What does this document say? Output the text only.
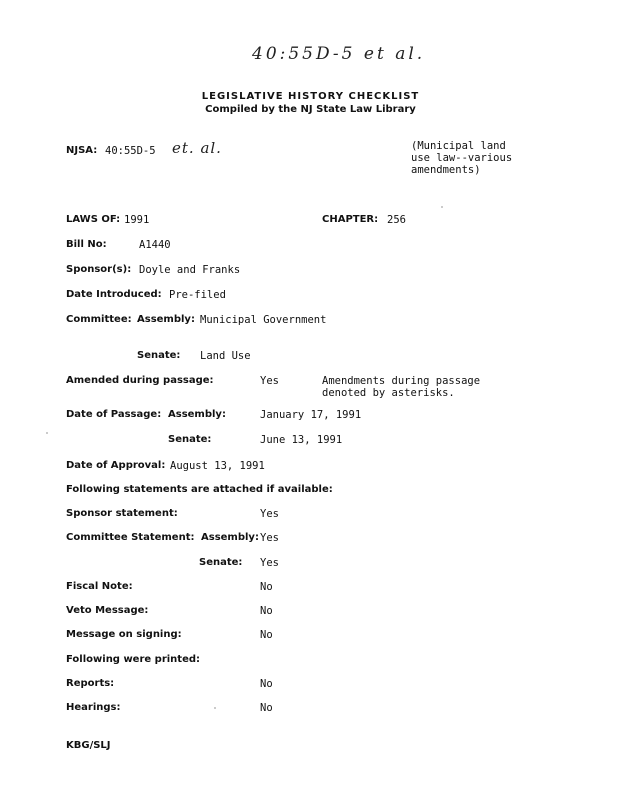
40:55D-5 et al.
LEGISLATIVE HISTORY CHECKLIST
Compiled by the NJ State Law Library
NJSA: 40:55D-5 et. al.	(Municipal land
use law--various
amendments)
LAWS OF: 1991	CHAPTER: 256
Bill No:	A1440
Sponsor(s): Doyle and Franks
Date Introduced: Pre-filed
Committee: Assembly: Municipal Government
Senate: Land Use
Amended during passage:	Yes	Amendments during passage
denoted by asterisks.
Date of Passage: Assembly:	January 17, 1991
Senate:	June 13, 1991
Date of Approval: August 13, 1991
Following statements are attached if available:
Sponsor statement:	Yes
Committee Statement: Assembly: Yes
Senate: Yes
Fiscal Note:	No
Veto Message:	No
Message on signing:	No
Following were printed:
Reports:	No
Hearings:	No
KBG/SLJ
